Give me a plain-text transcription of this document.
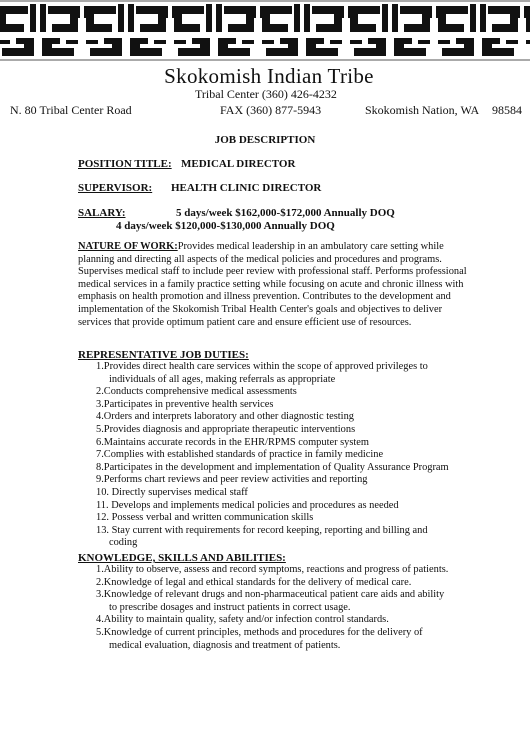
Skokomish Indian Tribe
Tribal Center (360) 426-4232
N. 80 Tribal Center Road	FAX (360) 877-5943	Skokomish Nation, WA 98584
JOB DESCRIPTION
POSITION TITLE: MEDICAL DIRECTOR
SUPERVISOR: HEALTH CLINIC DIRECTOR
SALARY:	5 days/week $162,000-$172,000 Annually DOQ
4 days/week $120,000-$130,000 Annually DOQ
NATURE OF WORK:Provides medical leadership in an ambulatory care setting while planning and directing all aspects of the medical policies and procedures and programs. Supervises medical staff to include peer review with professional staff. Performs professional medical services in a family practice setting while focusing on acute and chronic illness with emphasis on health promotion and illness prevention. Contributes to the development and implementation of the Skokomish Tribal Health Center's goals and objectives to deliver services that provide optimum patient care and ensure efficient use of resources.
REPRESENTATIVE JOB DUTIES:
1.Provides direct health care services within the scope of approved privileges to
individuals of all ages, making referrals as appropriate
2.Conducts comprehensive medical assessments
3.Participates in preventive health services
4.Orders and interprets laboratory and other diagnostic testing
5.Provides diagnosis and appropriate therapeutic interventions
6.Maintains accurate records in the EHR/RPMS computer system
7.Complies with established standards of practice in family medicine
8.Participates in the development and implementation of Quality Assurance Program
9.Performs chart reviews and peer review activities and reporting
10. Directly supervises medical staff
11. Develops and implements medical policies and procedures as needed
12. Possess verbal and written communication skills
13. Stay current with requirements for record keeping, reporting and billing and
coding
KNOWLEDGE, SKILLS AND ABILITIES:
1.Ability to observe, assess and record symptoms, reactions and progress of patients.
2.Knowledge of legal and ethical standards for the delivery of medical care.
3.Knowledge of relevant drugs and non-pharmaceutical patient care aids and ability
to prescribe dosages and instruct patients in correct usage.
4.Ability to maintain quality, safety and/or infection control standards.
5.Knowledge of current principles, methods and procedures for the delivery of
medical evaluation, diagnosis and treatment of patients.
